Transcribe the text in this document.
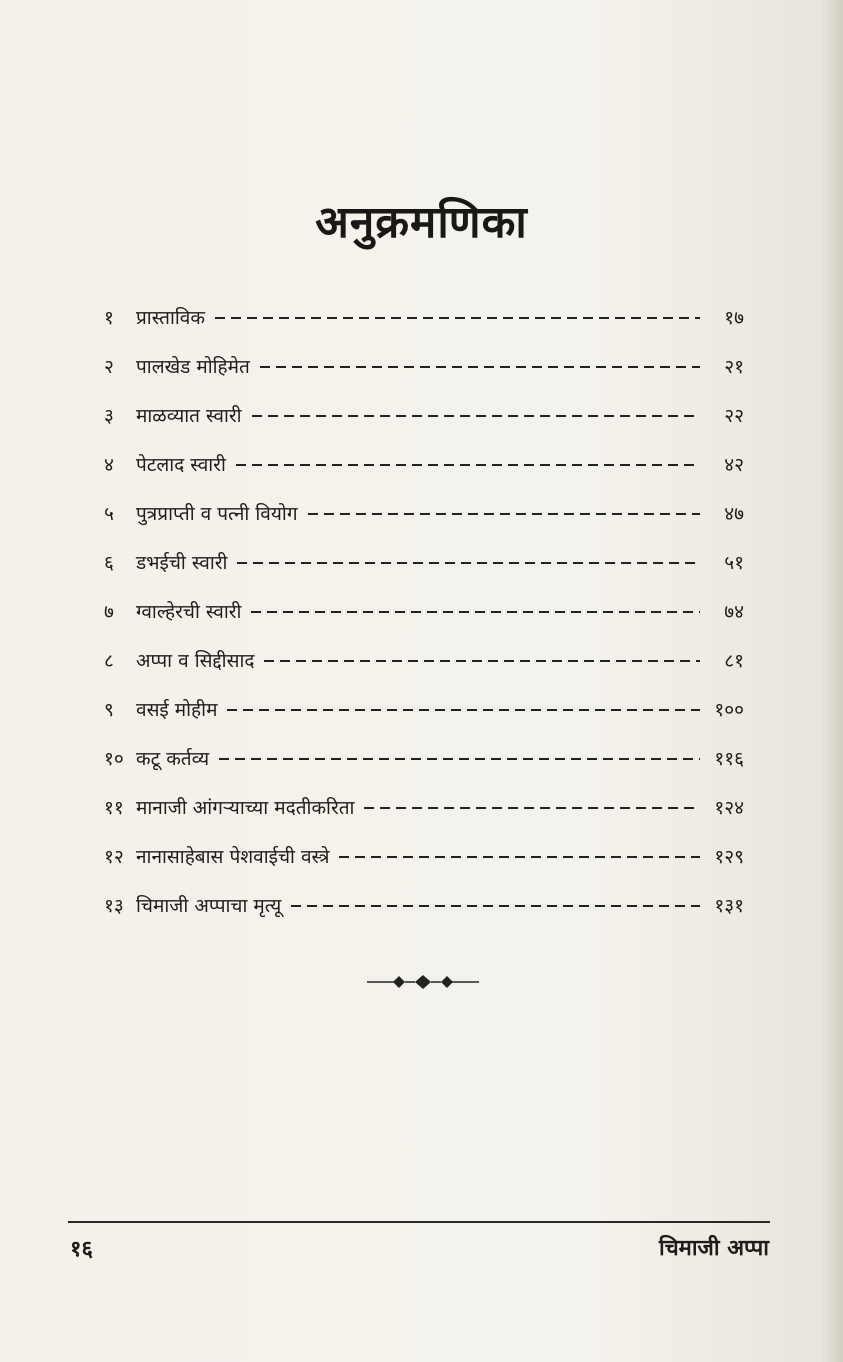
अनुक्रमणिका
१	प्रास्ताविक	१७
२	पालखेड मोहिमेत	२१
३	माळव्यात स्वारी	२२
४	पेटलाद स्वारी	४२
५	पुत्रप्राप्ती व पत्नी वियोग	४७
६	डभईची स्वारी	५१
७	ग्वाल्हेरची स्वारी	७४
८	अप्पा व सिद्दीसाद	८१
९	वसई मोहीम	१००
१० कटू कर्तव्य	११६
११ मानाजी आंगऱ्याच्या मदतीकरिता	१२४
१२ नानासाहेबास पेशवाईची वस्त्रे	१२९
१३ चिमाजी अप्पाचा मृत्यू	१३१
१६	चिमाजी अप्पा
